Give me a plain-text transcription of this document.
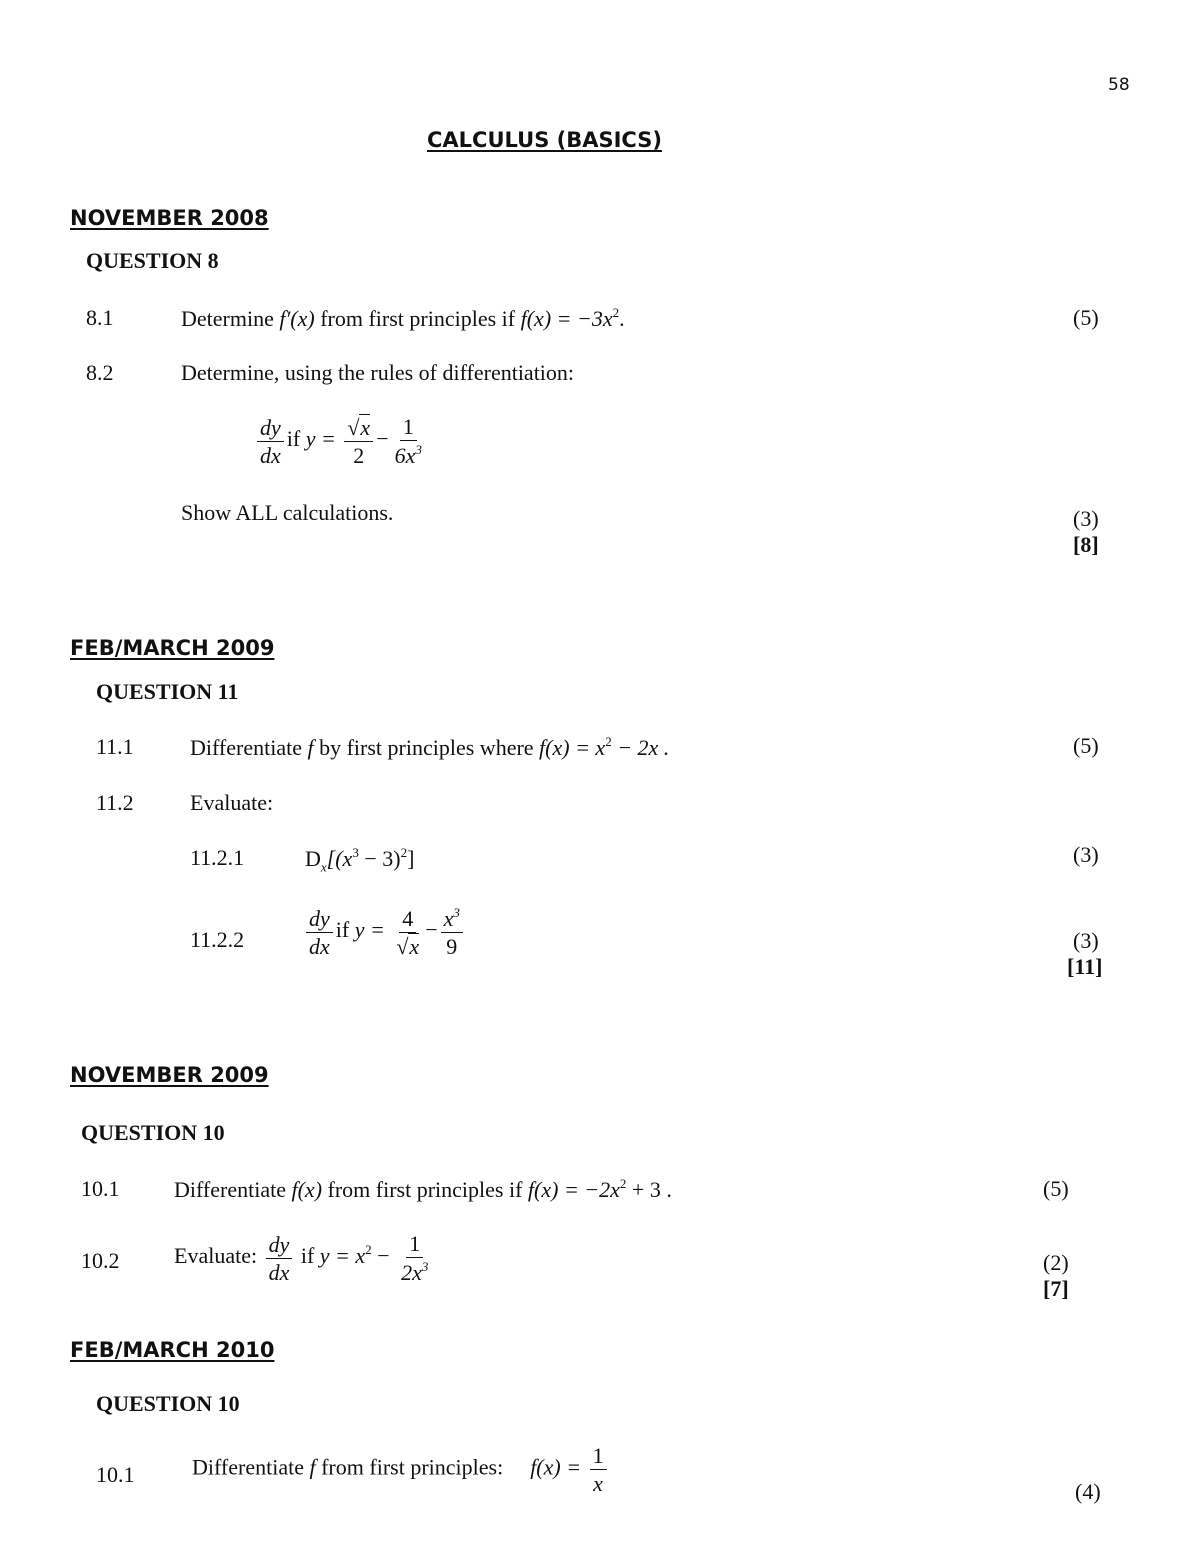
58
CALCULUS (BASICS)
NOVEMBER 2008
QUESTION 8
8.1	Determine f′(x) from first principles if $f(x) = -3x^2$.	(5)
8.2	Determine, using the rules of differentiation:
$\frac{dy}{dx}$ if $y = \frac{√x}{2} - \frac{1}{6x^3}$
Show ALL calculations.	(3)
[8]
FEB/MARCH 2009
QUESTION 11
11.1	Differentiate f by first principles where $f(x) = x^2 - 2x$ .	(5)
11.2	Evaluate:
11.2.1	$D_x[(x^3 - 3)^2]$	(3)
11.2.2	$\frac{dy}{dx}$ if $y = \frac{4}{√x} - \frac{x^3}{9}$	(3)
[11]
NOVEMBER 2009
QUESTION 10
10.1 Differentiate f(x) from first principles if $f(x) = -2x^2 + 3$ .	(5)
10.2 Evaluate: $\frac{dy}{dx}$ if $y = x^2 - \frac{1}{2x^3}$	(2)
[7]
FEB/MARCH 2010
QUESTION 10
10.1	Differentiate f from first principles: $f(x) = \frac{1}{x}$	(4)
